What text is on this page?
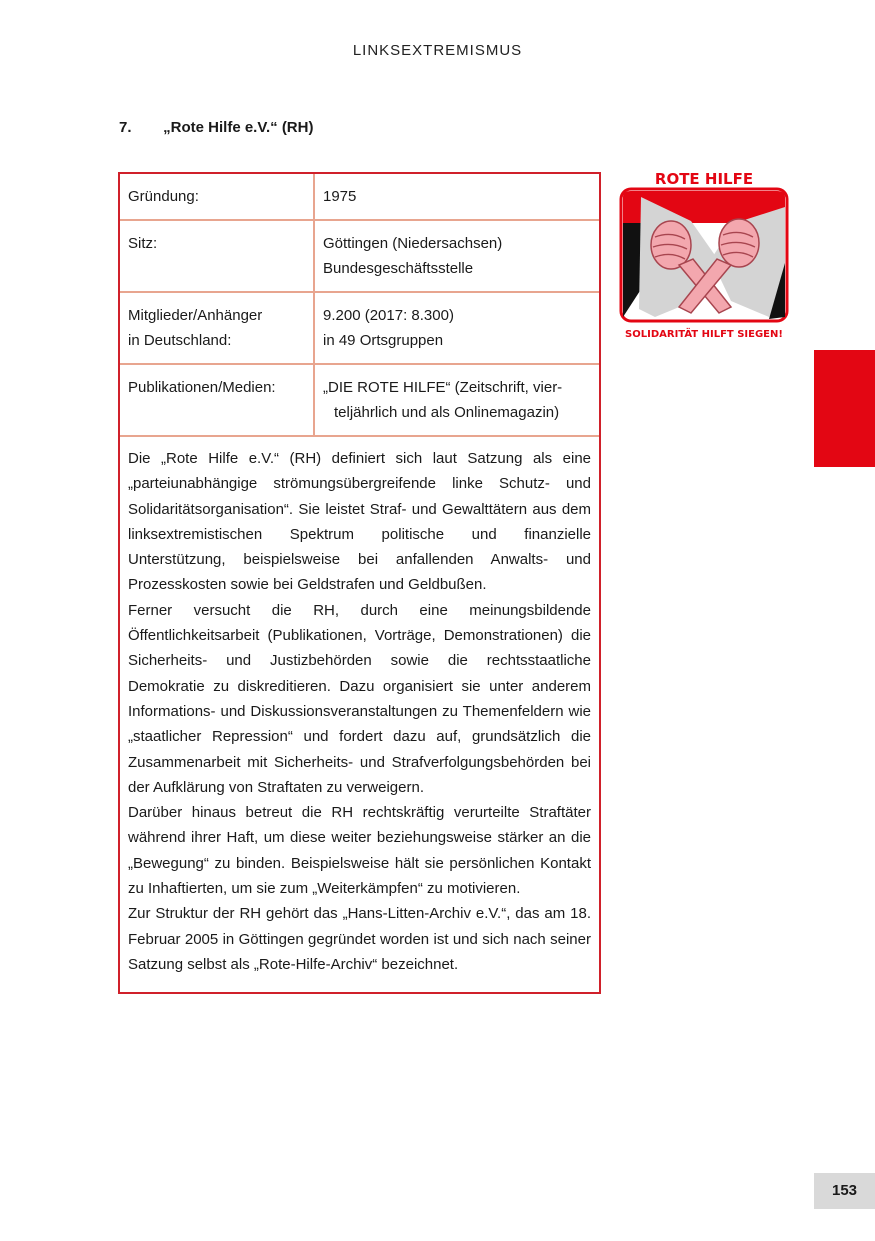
LINKSEXTREMISMUS
7. „Rote Hilfe e.V.“ (RH)
Gründung:	1975
Sitz:	Göttingen (Niedersachsen)
Bundesgeschäftsstelle
Mitglieder/Anhänger
in Deutschland:	9.200 (2017: 8.300)
in 49 Ortsgruppen
Publikationen/Medien:	„DIE ROTE HILFE“ (Zeitschrift, vier-
teljährlich und als Onlinemagazin)

Die „Rote Hilfe e.V.“ (RH) definiert sich laut Satzung als eine „parteiunabhängige strömungsübergreifende linke Schutz- und Solidaritätsorganisation“. Sie leistet Straf- und Gewalttätern aus dem linksextremistischen Spektrum politische und finanzielle Unterstützung, beispielsweise bei anfallenden Anwalts- und Prozesskosten sowie bei Geldstrafen und Geldbußen.

Ferner versucht die RH, durch eine meinungsbildende Öffentlichkeitsarbeit (Publikationen, Vorträge, Demonstrationen) die Sicherheits- und Justizbehörden sowie die rechtsstaatliche Demokratie zu diskreditieren. Dazu organisiert sie unter anderem Informations- und Diskussionsveranstaltungen zu Themenfeldern wie „staatlicher Repression“ und fordert dazu auf, grundsätzlich die Zusammenarbeit mit Sicherheits- und Strafverfolgungsbehörden bei der Aufklärung von Straftaten zu verweigern.

Darüber hinaus betreut die RH rechtskräftig verurteilte Straftäter während ihrer Haft, um diese weiter beziehungsweise stärker an die „Bewegung“ zu binden. Beispielsweise hält sie persönlichen Kontakt zu Inhaftierten, um sie zum „Weiterkämpfen“ zu motivieren.

Zur Struktur der RH gehört das „Hans-Litten-Archiv e.V.“, das am 18. Februar 2005 in Göttingen gegründet worden ist und sich nach seiner Satzung selbst als „Rote-Hilfe-Archiv“ bezeichnet.

ROTE HILFE
SOLIDARITÄT HILFT SIEGEN!
153
